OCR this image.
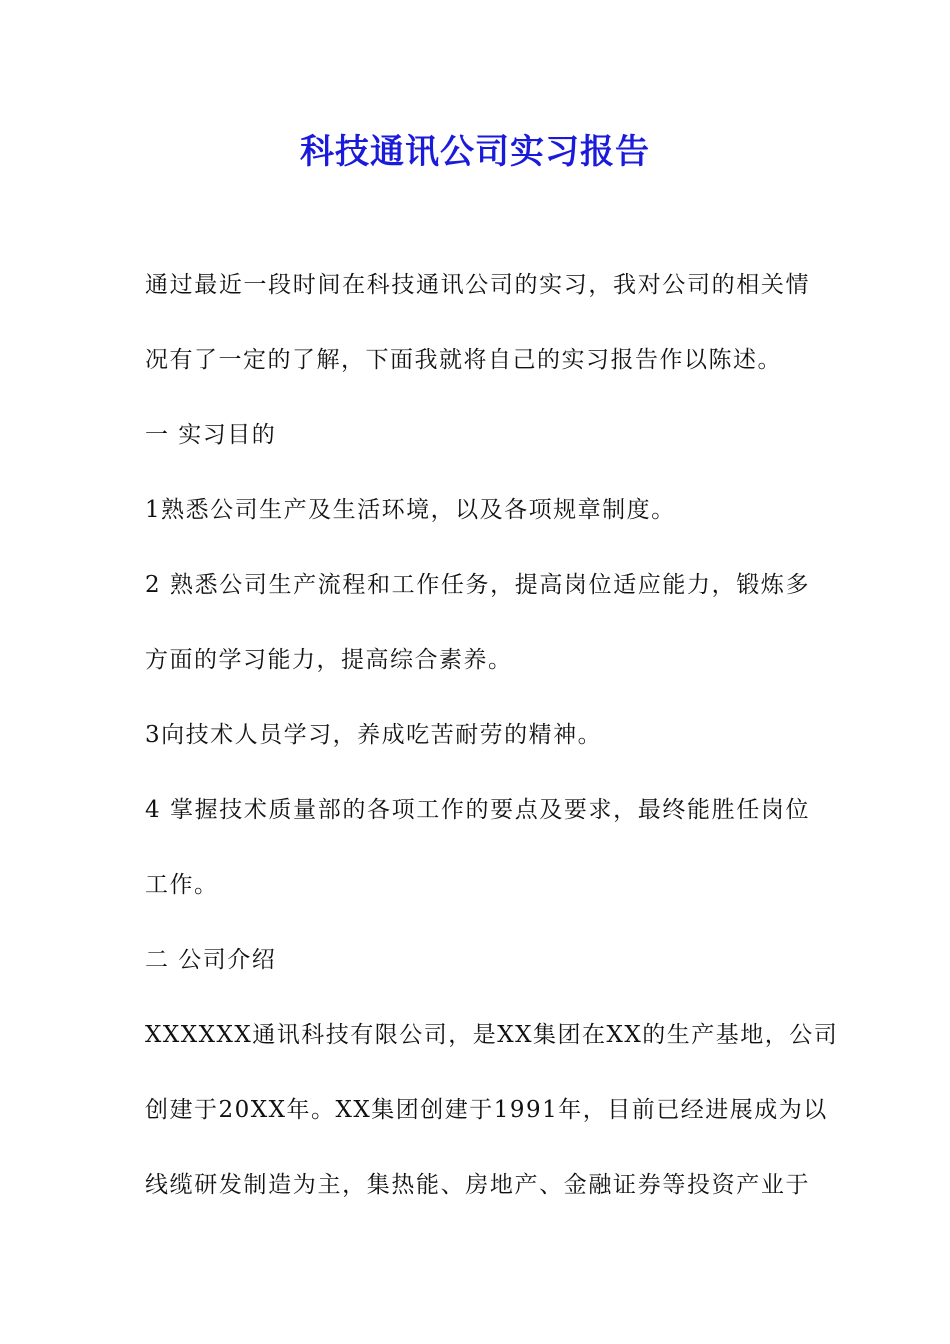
科技通讯公司实习报告
通过最近一段时间在科技通讯公司的实习，我对公司的相关情
况有了一定的了解，下面我就将自己的实习报告作以陈述。
一 实习目的
1熟悉公司生产及生活环境，以及各项规章制度。
2 熟悉公司生产流程和工作任务，提高岗位适应能力，锻炼多
方面的学习能力，提高综合素养。
3向技术人员学习，养成吃苦耐劳的精神。
4 掌握技术质量部的各项工作的要点及要求，最终能胜任岗位
工作。
二 公司介绍
XXXXXX通讯科技有限公司，是XX集团在XX的生产基地，公司
创建于20XX年。XX集团创建于1991年，目前已经进展成为以
线缆研发制造为主，集热能、房地产、金融证券等投资产业于
